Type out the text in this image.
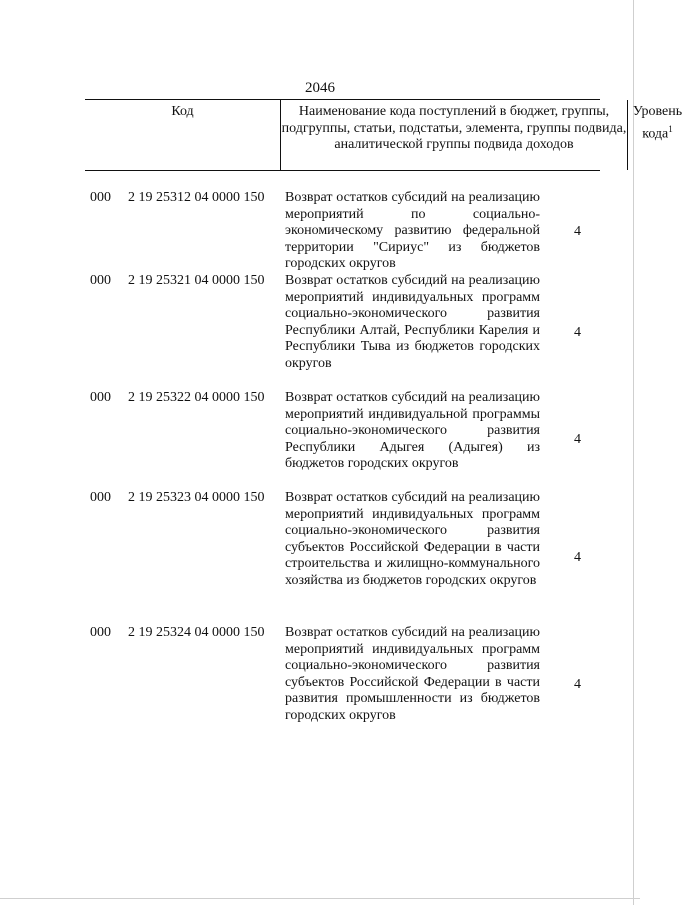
2046
Код	Наименование кода поступлений в бюджет, группы, подгруппы, статьи, подстатьи, элемента, группы подвида, аналитической группы подвида доходов
Уровень кода$^1$
000 2 19 25312 04 0000 150 Возврат остатков субсидий на реализацию мероприятий по социально-экономическому развитию федеральной территории "Сириус" из бюджетов городских округов
4
000 2 19 25321 04 0000 150 Возврат остатков субсидий на реализацию мероприятий индивидуальных программ социально-экономического развития Республики Алтай, Республики Карелия и Республики Тыва из бюджетов городских округов
4
000 2 19 25322 04 0000 150 Возврат остатков субсидий на реализацию мероприятий индивидуальной программы социально-экономического развития Республики Адыгея (Адыгея) из бюджетов городских округов
4
000 2 19 25323 04 0000 150 Возврат остатков субсидий на реализацию мероприятий индивидуальных программ социально-экономического развития субъектов Российской Федерации в части строительства и жилищно-коммунального хозяйства из бюджетов городских округов
4
000 2 19 25324 04 0000 150 Возврат остатков субсидий на реализацию мероприятий индивидуальных программ социально-экономического развития субъектов Российской Федерации в части развития промышленности из бюджетов городских округов
4
